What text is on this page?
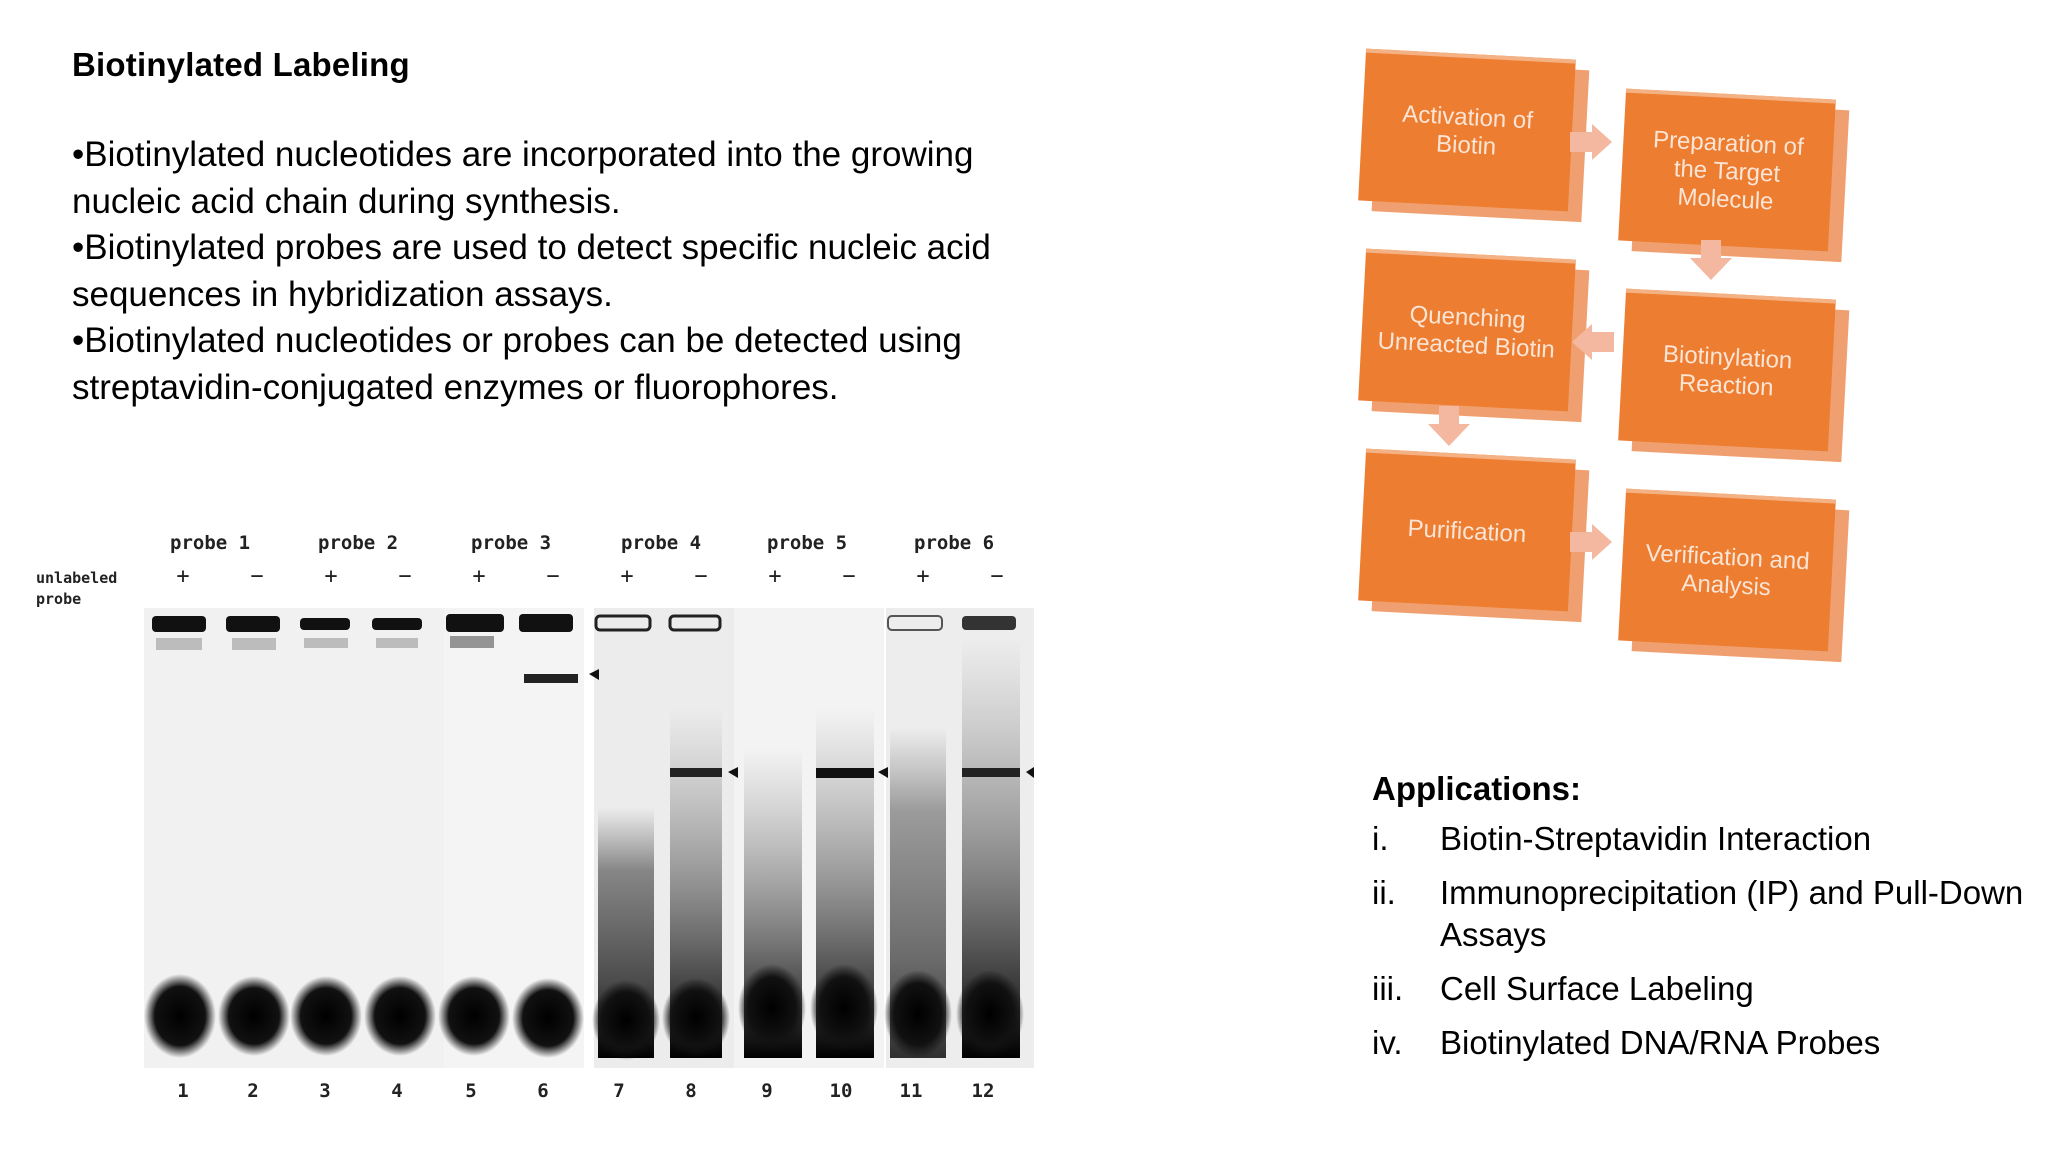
Biotinylated Labeling
•Biotinylated nucleotides are incorporated into the growing nucleic acid chain during synthesis.
•Biotinylated probes are used to detect specific nucleic acid sequences in hybridization assays.
•Biotinylated nucleotides or probes can be detected using streptavidin-conjugated enzymes or fluorophores.
probe 1	probe 2	probe 3	probe 4	probe 5	probe 6
unlabeled
probe
+	−	+	−	+	−	+	−	+	−	+	−
1	2	3	4	5	6	7	8	9	10 11	12
Activation of Biotin	Preparation of the Target Molecule
Biotinylation Reaction
Quenching Unreacted Biotin
Purification
Verification and Analysis
Applications:
i.	Biotin-Streptavidin Interaction
ii.	Immunoprecipitation (IP) and Pull-Down Assays
iii.	Cell Surface Labeling
iv.	Biotinylated DNA/RNA Probes
